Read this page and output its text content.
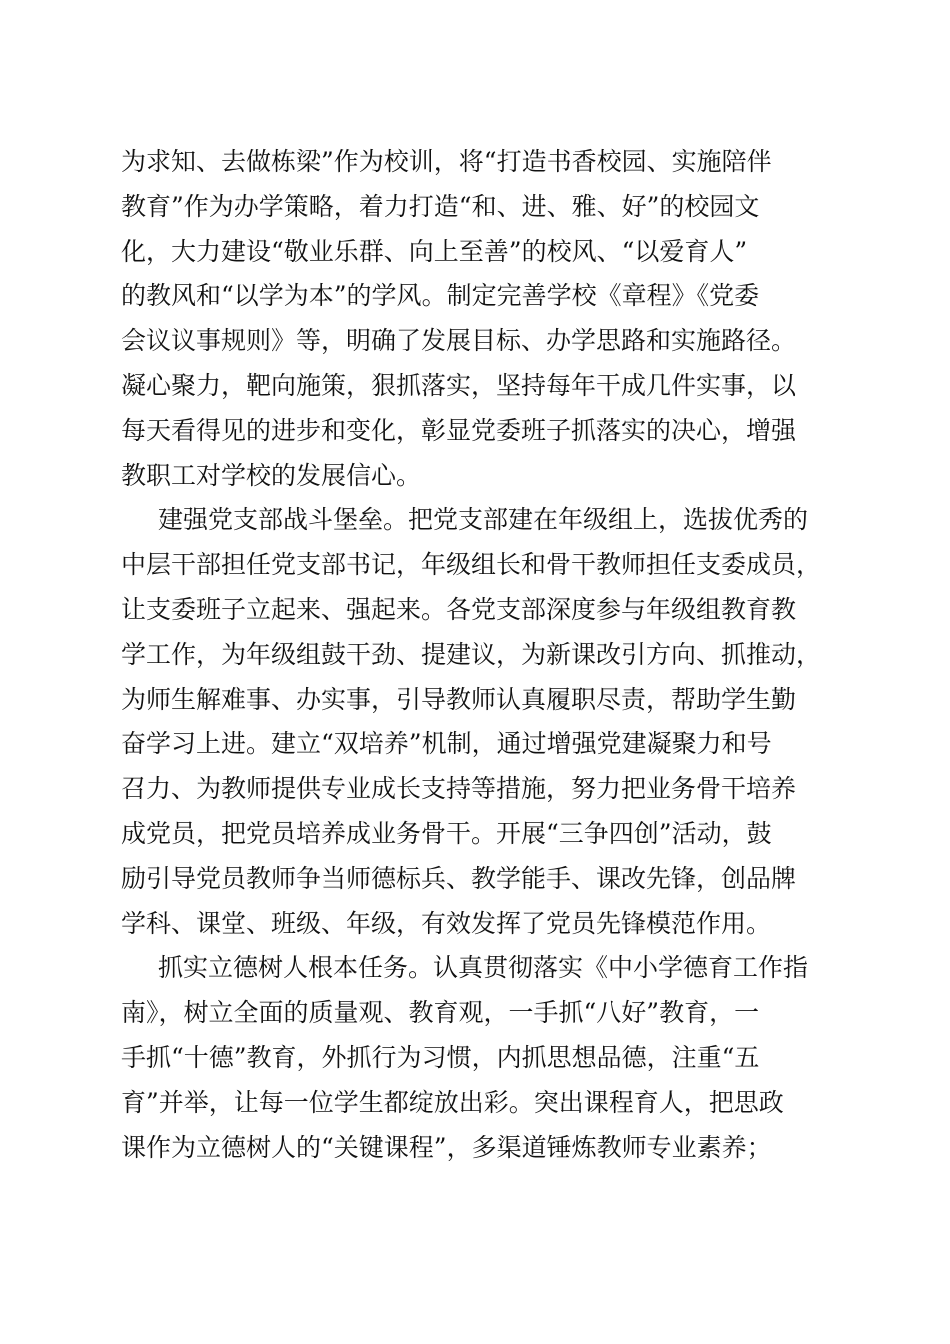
为求知、去做栋梁”作为校训，将“打造书香校园、实施陪伴
教育”作为办学策略，着力打造“和、进、雅、好”的校园文
化，大力建设“敬业乐群、向上至善”的校风、“以爱育人”
的教风和“以学为本”的学风。制定完善学校《章程》《党委
会议议事规则》等，明确了发展目标、办学思路和实施路径。
凝心聚力，靶向施策，狠抓落实，坚持每年干成几件实事，以
每天看得见的进步和变化，彰显党委班子抓落实的决心，增强
教职工对学校的发展信心。
建强党支部战斗堡垒。把党支部建在年级组上，选拔优秀的
中层干部担任党支部书记，年级组长和骨干教师担任支委成员，
让支委班子立起来、强起来。各党支部深度参与年级组教育教
学工作，为年级组鼓干劲、提建议，为新课改引方向、抓推动，
为师生解难事、办实事，引导教师认真履职尽责，帮助学生勤
奋学习上进。建立“双培养”机制，通过增强党建凝聚力和号
召力、为教师提供专业成长支持等措施，努力把业务骨干培养
成党员，把党员培养成业务骨干。开展“三争四创”活动，鼓
励引导党员教师争当师德标兵、教学能手、课改先锋，创品牌
学科、课堂、班级、年级，有效发挥了党员先锋模范作用。
抓实立德树人根本任务。认真贯彻落实《中小学德育工作指
南》，树立全面的质量观、教育观，一手抓“八好”教育，一
手抓“十德”教育，外抓行为习惯，内抓思想品德，注重“五
育”并举，让每一位学生都绽放出彩。突出课程育人，把思政
课作为立德树人的“关键课程”，多渠道锤炼教师专业素养；
